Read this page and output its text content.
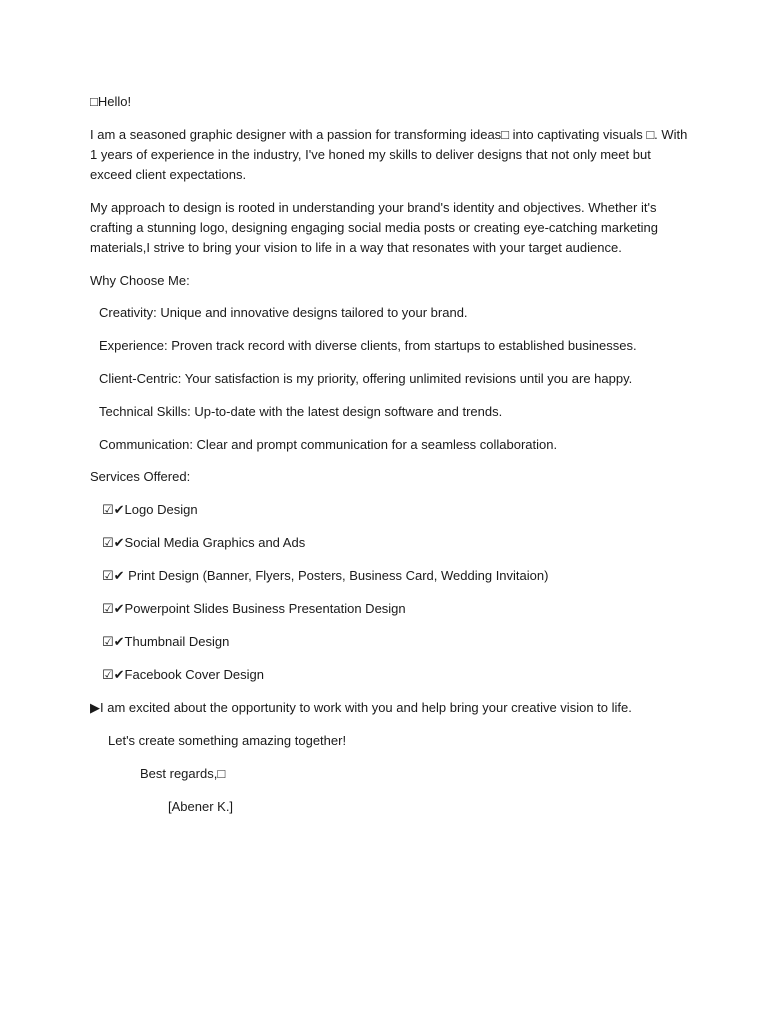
□Hello!

I am a seasoned graphic designer with a passion for transforming ideas□ into captivating visuals □. With
1 years of experience in the industry, I've honed my skills to deliver designs that not only meet but
exceed client expectations.
My approach to design is rooted in understanding your brand's identity and objectives. Whether it's
crafting a stunning logo, designing engaging social media posts or creating eye-catching marketing
materials,I strive to bring your vision to life in a way that resonates with your target audience.

Why Choose Me:

Creativity: Unique and innovative designs tailored to your brand.

Experience: Proven track record with diverse clients, from startups to established businesses.

Client-Centric: Your satisfaction is my priority, offering unlimited revisions until you are happy.

Technical Skills: Up-to-date with the latest design software and trends.

Communication: Clear and prompt communication for a seamless collaboration.

Services Offered:

☑✔Logo Design

☑✔Social Media Graphics and Ads

☑✔ Print Design (Banner, Flyers, Posters, Business Card, Wedding Invitaion)

☑✔Powerpoint Slides Business Presentation Design

☑✔Thumbnail Design

☑✔Facebook Cover Design

▶I am excited about the opportunity to work with you and help bring your creative vision to life.

Let's create something amazing together!

Best regards,□

[Abener K.]
